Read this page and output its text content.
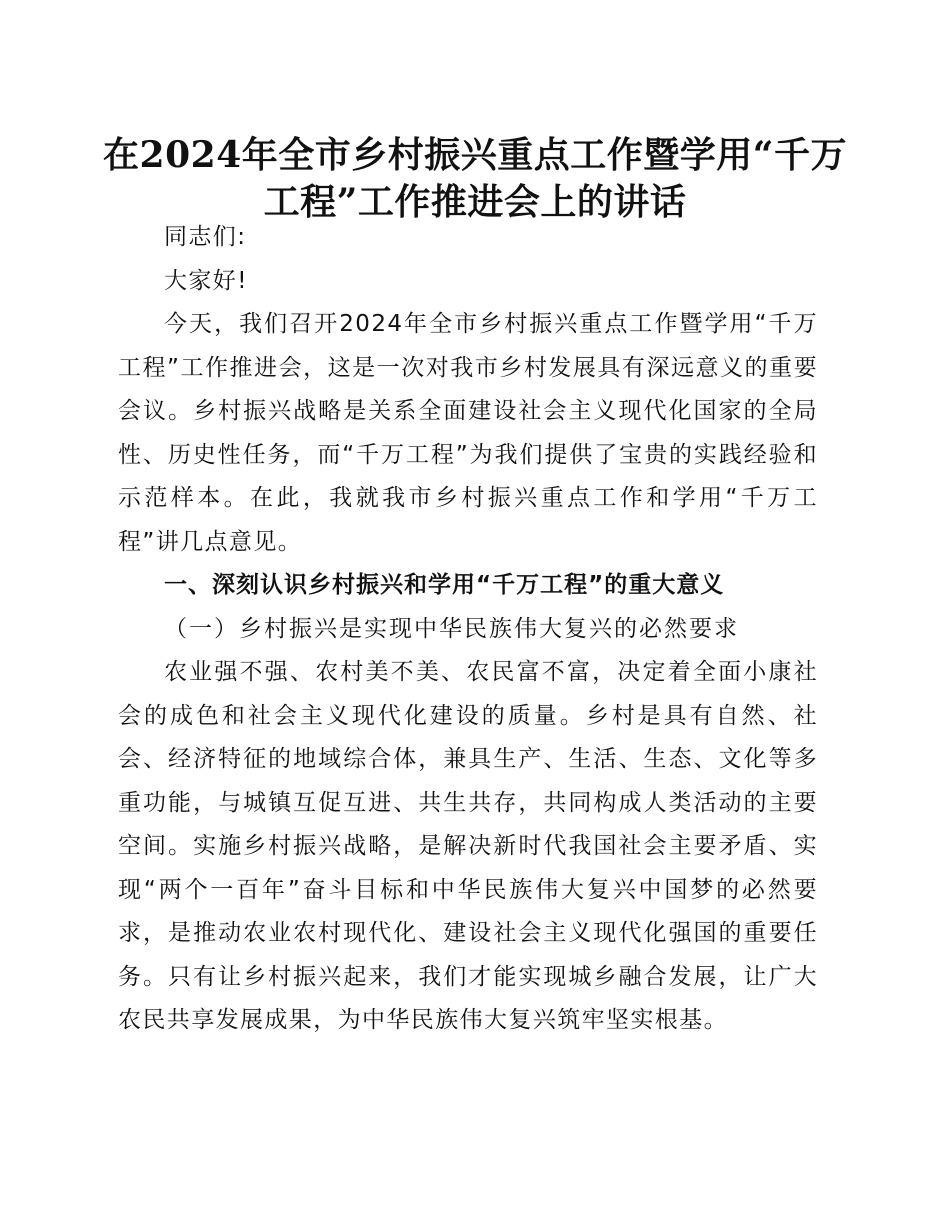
在2024年全市乡村振兴重点工作暨学用“千万工程”工作推进会上的讲话

同志们:

大家好!

今天，我们召开2024年全市乡村振兴重点工作暨学用“千万工程”工作推进会，这是一次对我市乡村发展具有深远意义的重要会议。乡村振兴战略是关系全面建设社会主义现代化国家的全局性、历史性任务，而“千万工程”为我们提供了宝贵的实践经验和示范样本。在此，我就我市乡村振兴重点工作和学用“千万工程”讲几点意见。

一、深刻认识乡村振兴和学用“千万工程”的重大意义

（一）乡村振兴是实现中华民族伟大复兴的必然要求

农业强不强、农村美不美、农民富不富，决定着全面小康社会的成色和社会主义现代化建设的质量。乡村是具有自然、社会、经济特征的地域综合体，兼具生产、生活、生态、文化等多重功能，与城镇互促互进、共生共存，共同构成人类活动的主要空间。实施乡村振兴战略，是解决新时代我国社会主要矛盾、实现“两个一百年”奋斗目标和中华民族伟大复兴中国梦的必然要求，是推动农业农村现代化、建设社会主义现代化强国的重要任务。只有让乡村振兴起来，我们才能实现城乡融合发展，让广大农民共享发展成果，为中华民族伟大复兴筑牢坚实根基。
